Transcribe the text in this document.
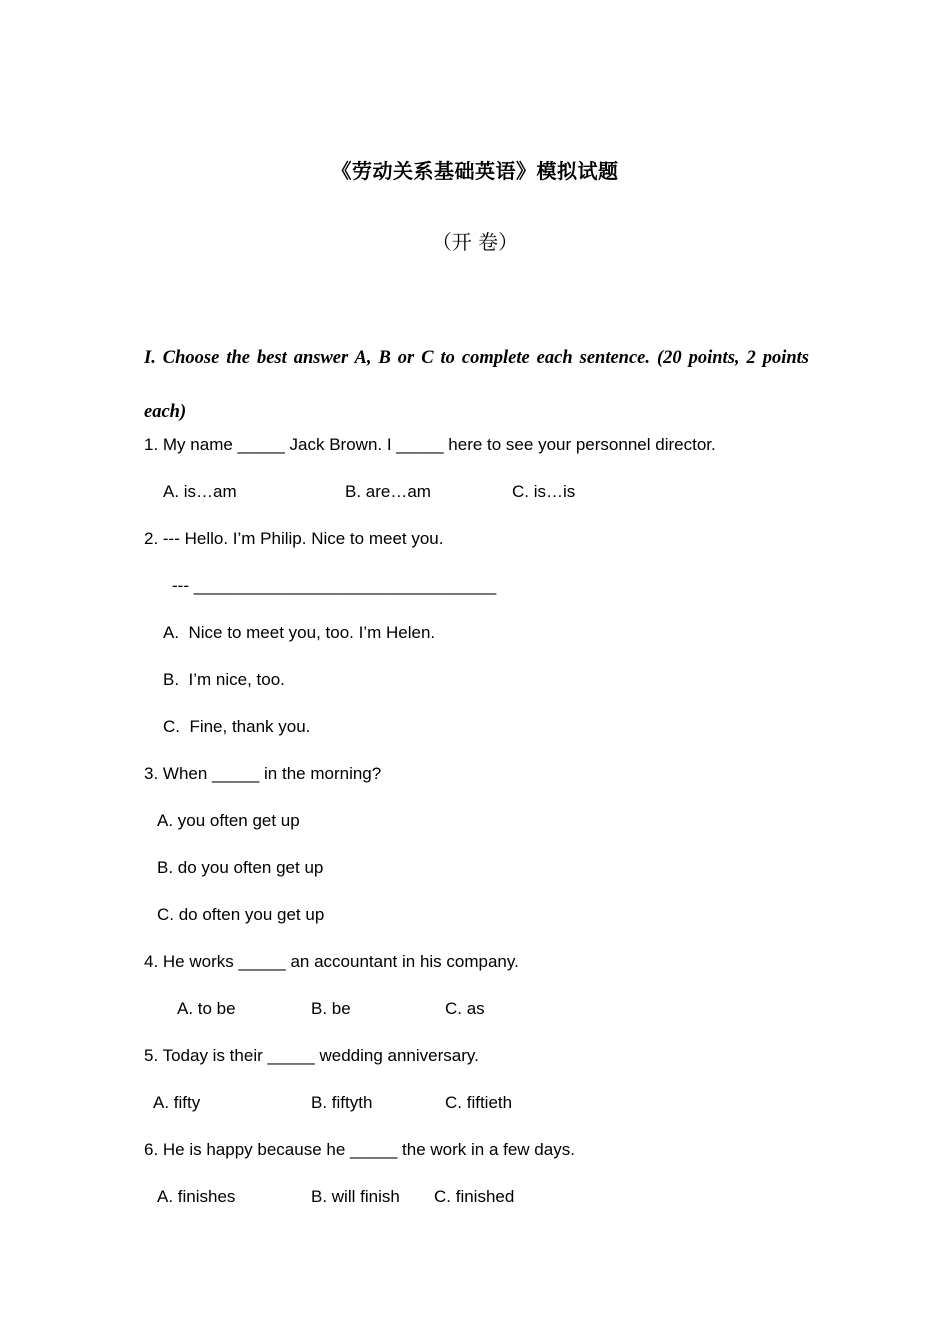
《劳动关系基础英语》模拟试题
（开 卷）
I. Choose the best answer A, B or C to complete each sentence. (20 points, 2 points each)
1. My name _____ Jack Brown. I _____ here to see your personnel director.
A. is…am	B. are…am	C. is…is
2. --- Hello. I’m Philip. Nice to meet you.
--- ________________________________
A.  Nice to meet you, too. I’m Helen.
B.  I’m nice, too.
C.  Fine, thank you.
3. When _____ in the morning?
A. you often get up
B. do you often get up
C. do often you get up
4. He works _____ an accountant in his company.
A. to be	B. be	C. as
5. Today is their _____ wedding anniversary.
A. fifty	B. fiftyth	C. fiftieth
6. He is happy because he _____ the work in a few days.
A. finishes	B. will finish C. finished
